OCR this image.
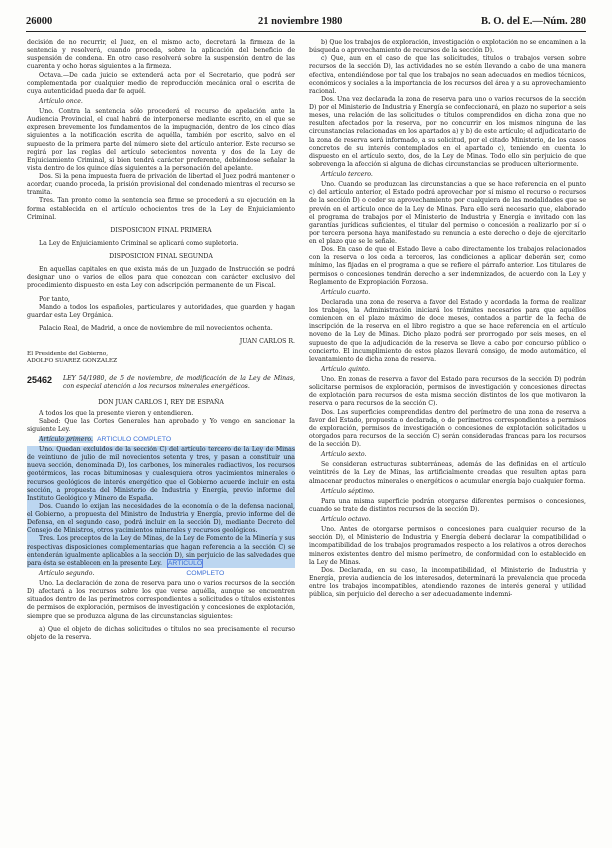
26000	21 noviembre 1980	B. O. del E.—Núm. 280

decisión de no recurrir, el Juez, en el mismo acto, decretará la firmeza de la sentencia y resolverá, cuando proceda, sobre la aplicación del beneficio de suspensión de condena. En otro caso resolverá sobre la suspensión dentro de las cuarenta y ocho horas siguientes a la firmeza.

Octava.—De cada juicio se extenderá acta por el Secretario, que podrá ser complementada por cualquier medio de reproducción mecánica oral o escrita de cuya autenticidad pueda dar fe aquél.

Artículo once.

Uno. Contra la sentencia sólo procederá el recurso de apelación ante la Audiencia Provincial, el cual habrá de interponerse mediante escrito, en el que se expresen brevemente los fundamentos de la impugnación, dentro de los cinco días siguientes a la notificación escrita de aquélla, también por escrito, salvo en el supuesto de la primera parte del número siete del artículo anterior. Este recurso se regirá por las reglas del artículo setecientos noventa y dos de la Ley de Enjuiciamiento Criminal, si bien tendrá carácter preferente, debiéndose señalar la vista dentro de los quince días siguientes a la personación del apelante.

Dos. Si la pena impuesta fuera de privación de libertad el Juez podrá mantener o acordar, cuando proceda, la prisión provisional del condenado mientras el recurso se tramita.

Tres. Tan pronto como la sentencia sea firme se procederá a su ejecución en la forma establecida en el artículo ochocientos tres de la Ley de Enjuiciamiento Criminal.

DISPOSICION FINAL PRIMERA

La Ley de Enjuiciamiento Criminal se aplicará como supletoria.

DISPOSICION FINAL SEGUNDA

En aquellas capitales en que exista más de un Juzgado de Instrucción se podrá designar uno o varios de ellos para que conozcan con carácter exclusivo del procedimiento dispuesto en esta Ley con adscripción permanente de un Fiscal.

Por tanto,

Mando a todos los españoles, particulares y autoridades, que guarden y hagan guardar esta Ley Orgánica.

Palacio Real, de Madrid, a once de noviembre de mil novecientos ochenta.

JUAN CARLOS R.

El Presidente del Gobierno,

ADOLFO SUAREZ GONZALEZ

25462	LEY 54/1980, de 5 de noviembre, de modificación de la Ley de Minas, con especial atención a los recursos minerales energéticos.

DON JUAN CARLOS I, REY DE ESPAÑA

A todos los que la presente vieren y entendieren.

Sabed: Que las Cortes Generales han aprobado y Yo vengo en sancionar la siguiente Ley.

Artículo primero. ARTICULO COMPLETO

Uno. Quedan excluidos de la sección C) del artículo tercero de la Ley de Minas de veintiuno de julio de mil novecientos setenta y tres, y pasan a constituir una nueva sección, denominada D), los carbones, los minerales radiactivos, los recursos geotérmicos, las rocas bituminosas y cualesquiera otros yacimientos minerales o recursos geológicos de interés energético que el Gobierno acuerde incluir en esta sección, a propuesta del Ministerio de Industria y Energía, previo informe del Instituto Geológico y Minero de España.

Dos. Cuando lo exijan las necesidades de la economía o de la defensa nacional, el Gobierno, a propuesta del Ministro de Industria y Energía, previo informe del de Defensa, en el segundo caso, podrá incluir en la sección D), mediante Decreto del Consejo de Ministros, otros yacimientos minerales y recursos geológicos.

Tres. Los preceptos de la Ley de Minas, de la Ley de Fomento de la Minería y sus respectivas disposiciones complementarias que hagan referencia a la sección C) se entenderán igualmente aplicables a la sección D), sin perjuicio de las salvedades que para ésta se establecen en la presente Ley. ARTICULO

Artículo segundo.	COMPLETO

Uno. La declaración de zona de reserva para uno o varios recursos de la sección D) afectará a los recursos sobre los que verse aquélla, aunque se encuentren situados dentro de las perímetros correspondientes a solicitudes o títulos existentes de permisos de exploración, permisos de investigación y concesiones de explotación, siempre que se produzca alguna de las circunstancias siguientes:

a) Que el objeto de dichas solicitudes o títulos no sea precisamente el recurso objeto de la reserva.

b) Que los trabajos de exploración, investigación o explotación no se encaminen a la búsqueda o aprovechamiento de recursos de la sección D).

c) Que, aun en el caso de que las solicitudes, títulos o trabajos versen sobre recursos de la sección D), las actividades no se estén llevando a cabo de una manera efectiva, entendiéndose por tal que los trabajos no sean adecuados en medios técnicos, económicos y sociales a la importancia de los recursos del área y a su aprovechamiento racional.

Dos. Una vez declarada la zona de reserva para uno o varios recursos de la sección D) por el Ministerio de Industria y Energía se confeccionará, en plazo no superior a seis meses, una relación de las solicitudes o títulos comprendidos en dicha zona que no resulten afectados por la reserva, por no concurrir en los mismos ninguna de las circunstancias relacionadas en los apartados a) y b) de este artículo; el adjudicatario de la zona de reserva será informado, a su solicitud, por el citado Ministerio, de los casos concretos de su interés contemplados en el apartado c), teniendo en cuenta lo dispuesto en el artículo sexto, dos, de la Ley de Minas. Todo ello sin perjuicio de que sobrevenga la afección si alguna de dichas circunstancias se producen ulteriormente.

Artículo tercero.

Uno. Cuando se produzcan las circunstancias a que se hace referencia en el punto c) del artículo anterior, el Estado podrá aprovechar por sí mismo el recurso o recursos de la sección D) o ceder su aprovechamiento por cualquiera de las modalidades que se prevén en el artículo once de la Ley de Minas. Para ello será necesario que, elaborado el programa de trabajos por el Ministerio de Industria y Energía e invitado con las garantías jurídicas suficientes, el titular del permiso o concesión a realizarlo por sí o por tercera persona haya manifestado su renuncia a este derecho o deje de ejercitarlo en el plazo que se le señale.

Dos. En caso de que el Estado lleve a cabo directamente los trabajos relacionados con la reserva o los ceda a terceros, las condiciones a aplicar deberán ser, como mínimo, las fijadas en el programa a que se refiere el párrafo anterior. Los titulares de permisos o concesiones tendrán derecho a ser indemnizados, de acuerdo con la Ley y Reglamento de Expropiación Forzosa.

Artículo cuarto.

Declarada una zona de reserva a favor del Estado y acordada la forma de realizar los trabajos, la Administración iniciará los trámites necesarios para que aquéllos comiencen en el plazo máximo de doce meses, contados a partir de la fecha de inscripción de la reserva en el libro registro a que se hace referencia en el artículo noveno de la Ley de Minas. Dicho plazo podrá ser prorrogado por seis meses, en el supuesto de que la adjudicación de la reserva se lleve a cabo por concurso público o concierto. El incumplimiento de estos plazos llevará consigo, de modo automático, el levantamiento de dicha zona de reserva.

Artículo quinto.

Uno. En zonas de reserva a favor del Estado para recursos de la sección D) podrán solicitarse permisos de exploración, permisos de investigación y concesiones directas de explotación para recursos de esta misma sección distintos de los que motivaron la reserva o para recursos de la sección C).

Dos. Las superficies comprendidas dentro del perímetro de una zona de reserva a favor del Estado, propuesta o declarada, o de perímetros correspondientes a permisos de exploración, permisos de investigación o concesiones de explotación solicitados u otorgados para recursos de la sección C) serán consideradas francas para los recursos de la sección D).

Artículo sexto.

Se consideran estructuras subterráneas, además de las definidas en el artículo veintitrés de la Ley de Minas, las artificialmente creadas que resulten aptas para almacenar productos minerales o energéticos o acumular energía bajo cualquier forma.

Artículo séptimo.

Para una misma superficie podrán otorgarse diferentes permisos o concesiones, cuando se trate de distintos recursos de la sección D).

Artículo octavo.

Uno. Antes de otorgarse permisos o concesiones para cualquier recurso de la sección D), el Ministerio de Industria y Energía deberá declarar la compatibilidad o incompatibilidad de los trabajos programados respecto a los relativos a otros derechos mineros existentes dentro del mismo perímetro, de conformidad con lo establecido en la Ley de Minas.

Dos. Declarada, en su caso, la incompatibilidad, el Ministerio de Industria y Energía, previa audiencia de los interesados, determinará la prevalencia que proceda entre los trabajos incompatibles, atendiendo razones de interés general y utilidad pública, sin perjuicio del derecho a ser adecuadamente indemni-
